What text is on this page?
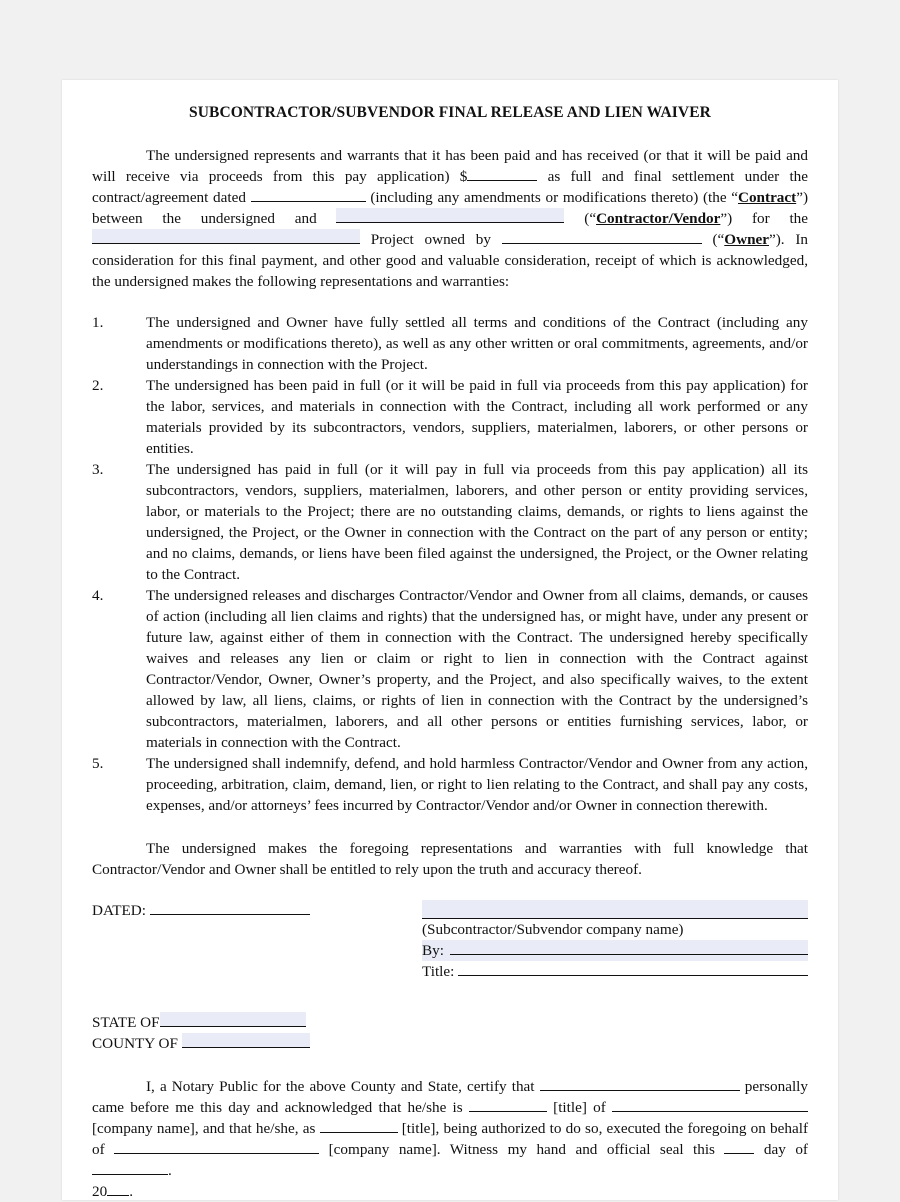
SUBCONTRACTOR/SUBVENDOR FINAL RELEASE AND LIEN WAIVER
The undersigned represents and warrants that it has been paid and has received (or that it will be paid and will receive via proceeds from this pay application) $	as full and final settlement under the contract/agreement dated	(including any amendments or modifications thereto) (the “Contract”) between the undersigned and	(“Contractor/Vendor”) for the  Project owned by	(“Owner”). In consideration for this final payment, and other good and valuable consideration, receipt of which is acknowledged, the undersigned makes the following representations and warranties:
1.	The undersigned and Owner have fully settled all terms and conditions of the Contract (including any amendments or modifications thereto), as well as any other written or oral commitments, agreements, and/or understandings in connection with the Project.
2.	The undersigned has been paid in full (or it will be paid in full via proceeds from this pay application) for the labor, services, and materials in connection with the Contract, including all work performed or any materials provided by its subcontractors, vendors, suppliers, materialmen, laborers, or other persons or entities.
3.	The undersigned has paid in full (or it will pay in full via proceeds from this pay application) all its subcontractors, vendors, suppliers, materialmen, laborers, and other person or entity providing services, labor, or materials to the Project; there are no outstanding claims, demands, or rights to liens against the undersigned, the Project, or the Owner in connection with the Contract on the part of any person or entity; and no claims, demands, or liens have been filed against the undersigned, the Project, or the Owner relating to the Contract.
4.	The undersigned releases and discharges Contractor/Vendor and Owner from all claims, demands, or causes of action (including all lien claims and rights) that the undersigned has, or might have, under any present or future law, against either of them in connection with the Contract. The undersigned hereby specifically waives and releases any lien or claim or right to lien in connection with the Contract against Contractor/Vendor, Owner, Owner’s property, and the Project, and also specifically waives, to the extent allowed by law, all liens, claims, or rights of lien in connection with the Contract by the undersigned’s subcontractors, materialmen, laborers, and all other persons or entities furnishing services, labor, or materials in connection with the Contract.
5.	The undersigned shall indemnify, defend, and hold harmless Contractor/Vendor and Owner from any action, proceeding, arbitration, claim, demand, lien, or right to lien relating to the Contract, and shall pay any costs, expenses, and/or attorneys’ fees incurred by Contractor/Vendor and/or Owner in connection therewith.
The undersigned makes the foregoing representations and warranties with full knowledge that Contractor/Vendor and Owner shall be entitled to rely upon the truth and accuracy thereof.
DATED:
(Subcontractor/Subvendor company name)
By:
Title:
STATE OF
COUNTY OF
I, a Notary Public for the above County and State, certify that	personally came before me this day and acknowledged that he/she is	[title] of  [company name], and that he/she, as	[title], being authorized to do so, executed the foregoing on behalf of	[company name]. Witness my hand and official seal this  day of .
20 .
